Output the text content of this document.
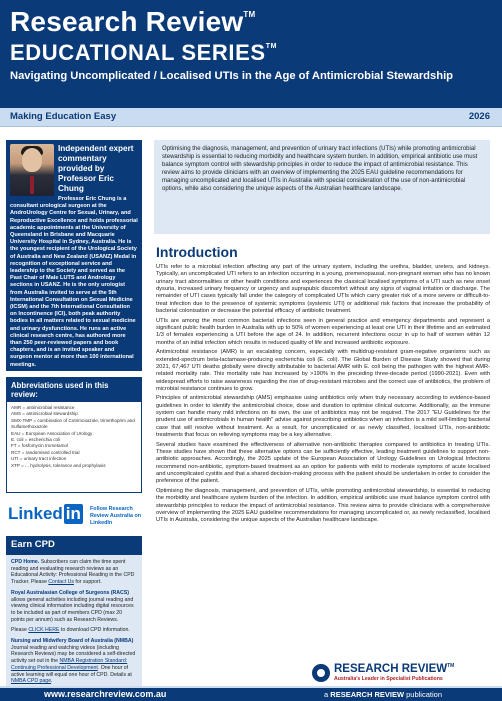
Research Review™
EDUCATIONAL SERIES™
Navigating Uncomplicated / Localised UTIs in the Age of Antimicrobial Stewardship
Making Education Easy	2026
Independent expert commentary provided by Professor Eric Chung
Professor Eric Chung is a consultant urological surgeon at the AndroUrology Centre for Sexual, Urinary, and Reproductive Excellence and holds professorial academic appointments at the University of Queensland in Brisbane and Macquarie University Hospital in Sydney, Australia. He is the youngest recipient of the Urological Society of Australia and New Zealand (USANZ) Medal in recognition of exceptional service and leadership to the Society and served as the Past Chair of Male LUTS and Andrology sections in USANZ. He is the only urologist from Australia invited to serve at the 5th International Consultation on Sexual Medicine (ICSM) and the 7th International Consultation on Incontinence (ICI), both peak authority bodies in all matters related to sexual medicine and urinary dysfunctions. He runs an active clinical research centre, has authored more than 250 peer-reviewed papers and book chapters, and is an invited speaker and surgeon mentor at more than 100 international meetings.
Abbreviations used in this review:
AMR = antimicrobial resistance
AMS = antimicrobial stewardship
SMX-TMP = combination of Cotrimoxazole, trimethoprim and Sulfamethoxazole
EAU = European Association of Urology
E. coli = escherichia coli
FT = fosfomycin trometamol
RCT = randomised controlled trial
UTI = urinary tract infection
XTP = ... hydrolysis, tolerance and prophylaxis
Linked in	Follow Research Review Australia on LinkedIn
Earn CPD

CPD Home. Subscribers can claim the time spent reading and evaluating research reviews as an Educational Activity: Professional Reading in the CPD Tracker. Please Contact Us for support.

Royal Australasian College of Surgeons (RACS) allows general activities including journal reading and viewing clinical information including digital resources to be included as part of members CPD (max 20 points per annum) such as Research Reviews.

Please CLICK HERE to download CPD information.

Nursing and Midwifery Board of Australia (NMBA) Journal reading and watching videos (including Research Reviews) may be considered a self-directed activity set out in the NMBA Registration Standard: Continuing Professional Development. One hour of active learning will equal one hour of CPD. Details at NMBA CPD page.

Optimising the diagnosis, management, and prevention of urinary tract infections (UTIs) while promoting antimicrobial stewardship is essential to reducing morbidity and healthcare system burden. In addition, empirical antibiotic use must balance symptom control with stewardship principles in order to reduce the impact of antimicrobial resistance. This review aims to provide clinicians with an overview of implementing the 2025 EAU guideline recommendations for managing uncomplicated and localised UTIs in Australia with special consideration of the use of non-antimicrobial options, while also considering the unique aspects of the Australian healthcare landscape.

Introduction

UTIs refer to a microbial infection affecting any part of the urinary system, including the urethra, bladder, ureters, and kidneys. Typically, an uncomplicated UTI refers to an infection occurring in a young, premenopausal, non-pregnant woman who has no known urinary tract abnormalities or other health conditions and experiences the classical localised symptoms of a UTI such as new onset dysuria, increased urinary frequency or urgency and suprapubic discomfort without any signs of vaginal irritation or discharge. The remainder of UTI cases typically fall under the category of complicated UTIs which carry greater risk of a more severe or difficult-to-treat infection due to the presence of systemic symptoms (systemic UTI) or additional risk factors that increase the probability of bacterial colonisation or decrease the potential efficacy of antibiotic treatment.

UTIs are among the most common bacterial infections seen in general practice and emergency departments and represent a significant public health burden in Australia with up to 50% of women experiencing at least one UTI in their lifetime and an estimated 1/3 of females experiencing a UTI before the age of 24. In addition, recurrent infections occur in up to half of women within 12 months of an initial infection which results in reduced quality of life and increased antibiotic exposure.

Antimicrobial resistance (AMR) is an escalating concern, especially with multidrug-resistant gram-negative organisms such as extended-spectrum beta-lactamase-producing escherichia coli (E. coli). The Global Burden of Disease Study showed that during 2021, 67,467 UTI deaths globally were directly attributable to bacterial AMR with E. coli being the pathogen with the highest AMR-related mortality rate. This mortality rate has increased by >190% in the preceding three-decade period (1990-2021). Even with widespread efforts to raise awareness regarding the rise of drug-resistant microbes and the correct use of antibiotics, the problem of microbial resistance continues to grow.

Principles of antimicrobial stewardship (AMS) emphasise using antibiotics only when truly necessary according to evidence-based guidelines in order to identify the antimicrobial choice, dose and duration to optimise clinical outcome. Additionally, as the immune system can handle many mild infections on its own, the use of antibiotics may not be required. The 2017 "EU Guidelines for the prudent use of antimicrobials in human health" advise against prescribing antibiotics when an infection is a mild self-limiting bacterial case that will resolve without treatment. As a result, for uncomplicated or as newly classified, localised UTIs, non-antibiotic treatments that focus on relieving symptoms may be a key alternative.

Several studies have examined the effectiveness of alternative non-antibiotic therapies compared to antibiotics in treating UTIs. These studies have shown that these alternative options can be sufficiently effective, leading treatment guidelines to support non-antibiotic approaches. Accordingly, the 2025 update of the European Association of Urology Guidelines on Urological Infections recommend non-antibiotic, symptom-based treatment as an option for patients with mild to moderate symptoms of acute localised and uncomplicated cystitis and that a shared decision-making process with the patient should be undertaken in order to consider the preference of the patient.

Optimising the diagnosis, management, and prevention of UTIs, while promoting antimicrobial stewardship, is essential to reducing the morbidity and healthcare system burden of the infection. In addition, empirical antibiotic use must balance symptom control with stewardship principles to reduce the impact of antimicrobial resistance. This review aims to provide clinicians with a comprehensive overview of implementing the 2025 EAU guideline recommendations for managing uncomplicated or, as newly reclassified, localised UTIs in Australia, considering the unique aspects of the Australian healthcare landscape.

RESEARCH REVIEW™
Australia's Leader in Specialist Publications
www.researchreview.com.au	a RESEARCH REVIEW publication
